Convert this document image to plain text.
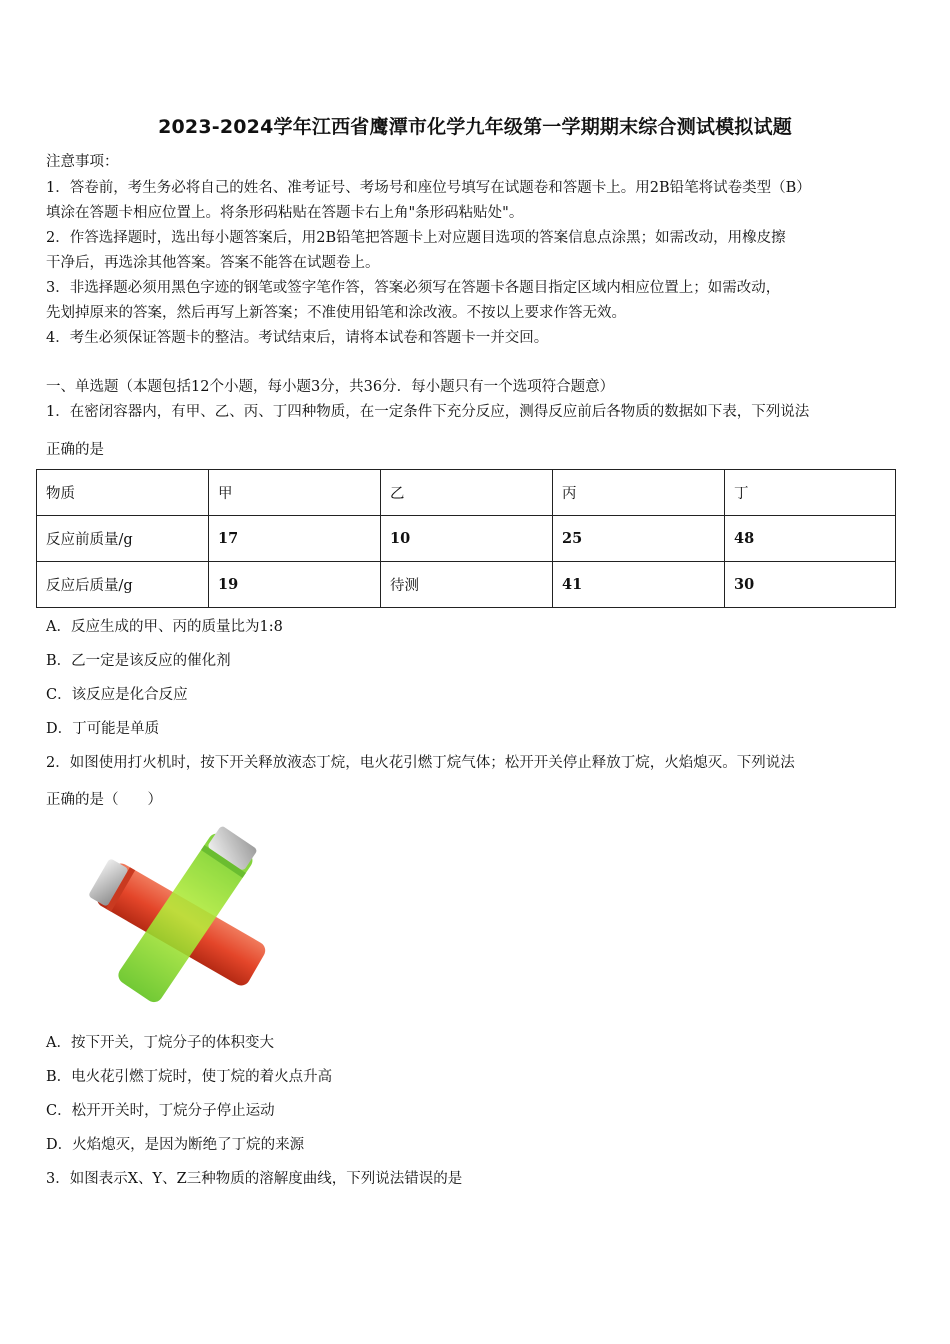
2023-2024学年江西省鹰潭市化学九年级第一学期期末综合测试模拟试题
注意事项：
1．答卷前，考生务必将自己的姓名、准考证号、考场号和座位号填写在试题卷和答题卡上。用2B铅笔将试卷类型（B）
填涂在答题卡相应位置上。将条形码粘贴在答题卡右上角"条形码粘贴处"。
2．作答选择题时，选出每小题答案后，用2B铅笔把答题卡上对应题目选项的答案信息点涂黑；如需改动，用橡皮擦
干净后，再选涂其他答案。答案不能答在试题卷上。
3．非选择题必须用黑色字迹的钢笔或签字笔作答，答案必须写在答题卡各题目指定区域内相应位置上；如需改动，
先划掉原来的答案，然后再写上新答案；不准使用铅笔和涂改液。不按以上要求作答无效。
4．考生必须保证答题卡的整洁。考试结束后，请将本试卷和答题卡一并交回。
一、单选题（本题包括12个小题，每小题3分，共36分．每小题只有一个选项符合题意）
1．在密闭容器内，有甲、乙、丙、丁四种物质，在一定条件下充分反应，测得反应前后各物质的数据如下表，下列说法
正确的是
物质	甲	乙	丙	丁
反应前质量/g	17	10	25	48
反应后质量/g	19	待测	41	30
A．反应生成的甲、丙的质量比为1:8
B．乙一定是该反应的催化剂
C．该反应是化合反应
D．丁可能是单质
2．如图使用打火机时，按下开关释放液态丁烷，电火花引燃丁烷气体；松开开关停止释放丁烷，火焰熄灭。下列说法
正确的是（　　）
A．按下开关，丁烷分子的体积变大
B．电火花引燃丁烷时，使丁烷的着火点升高
C．松开开关时，丁烷分子停止运动
D．火焰熄灭，是因为断绝了丁烷的来源
3．如图表示X、Y、Z三种物质的溶解度曲线，下列说法错误的是
